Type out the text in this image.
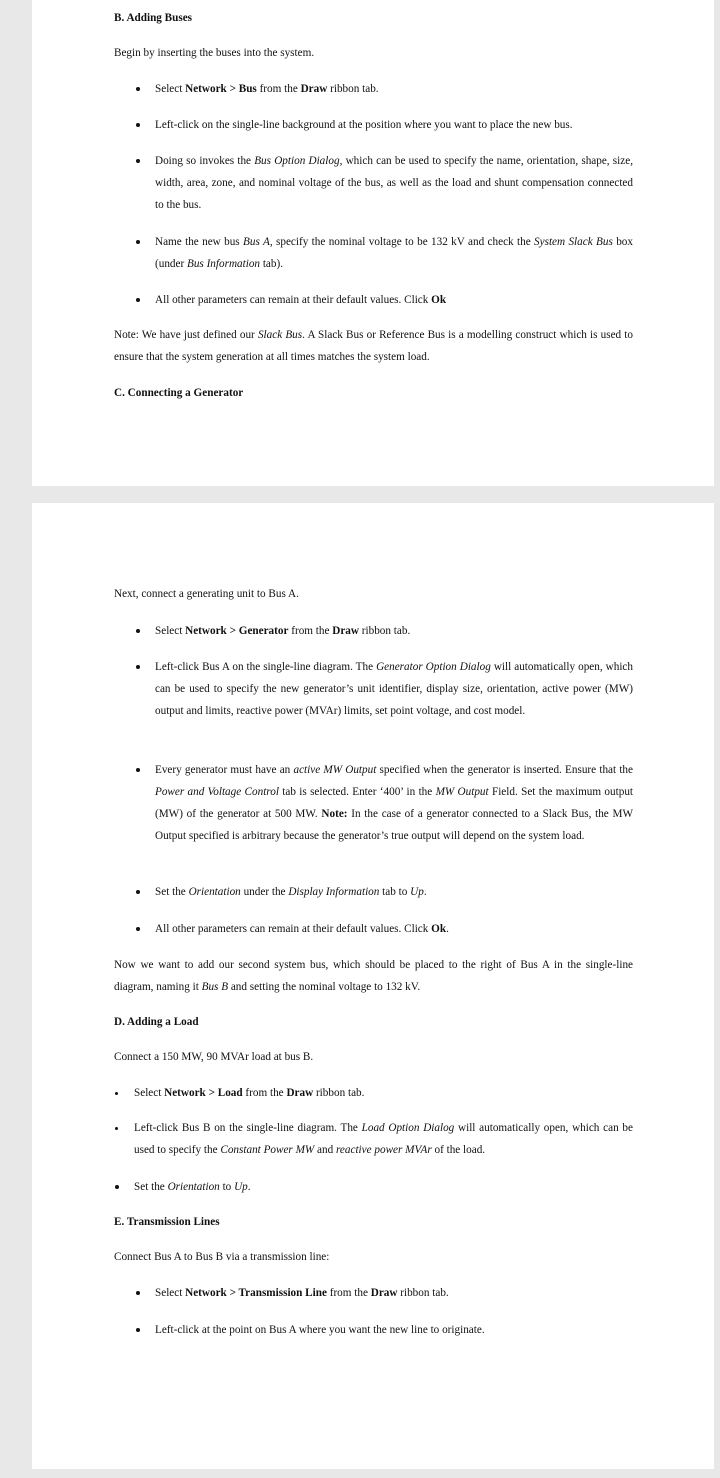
B. Adding Buses
Begin by inserting the buses into the system.
Select Network > Bus from the Draw ribbon tab.
Left-click on the single-line background at the position where you want to place the new bus.
Doing so invokes the Bus Option Dialog, which can be used to specify the name, orientation, shape, size, width, area, zone, and nominal voltage of the bus, as well as the load and shunt compensation connected to the bus.
Name the new bus Bus A, specify the nominal voltage to be 132 kV and check the System Slack Bus box (under Bus Information tab).
All other parameters can remain at their default values. Click Ok
Note: We have just defined our Slack Bus. A Slack Bus or Reference Bus is a modelling construct which is used to ensure that the system generation at all times matches the system load.
C. Connecting a Generator
Next, connect a generating unit to Bus A.
Select Network > Generator from the Draw ribbon tab.
Left-click Bus A on the single-line diagram. The Generator Option Dialog will automatically open, which can be used to specify the new generator’s unit identifier, display size, orientation, active power (MW) output and limits, reactive power (MVAr) limits, set point voltage, and cost model.
Every generator must have an active MW Output specified when the generator is inserted. Ensure that the Power and Voltage Control tab is selected. Enter ‘400’ in the MW Output Field. Set the maximum output (MW) of the generator at 500 MW. Note: In the case of a generator connected to a Slack Bus, the MW Output specified is arbitrary because the generator’s true output will depend on the system load.
Set the Orientation under the Display Information tab to Up.
All other parameters can remain at their default values. Click Ok.
Now we want to add our second system bus, which should be placed to the right of Bus A in the single-line diagram, naming it Bus B and setting the nominal voltage to 132 kV.
D. Adding a Load
Connect a 150 MW, 90 MVAr load at bus B.
Select Network > Load from the Draw ribbon tab.
Left-click Bus B on the single-line diagram. The Load Option Dialog will automatically open, which can be used to specify the Constant Power MW and reactive power MVAr of the load.
Set the Orientation to Up.
E. Transmission Lines
Connect Bus A to Bus B via a transmission line:
Select Network > Transmission Line from the Draw ribbon tab.
Left-click at the point on Bus A where you want the new line to originate.
